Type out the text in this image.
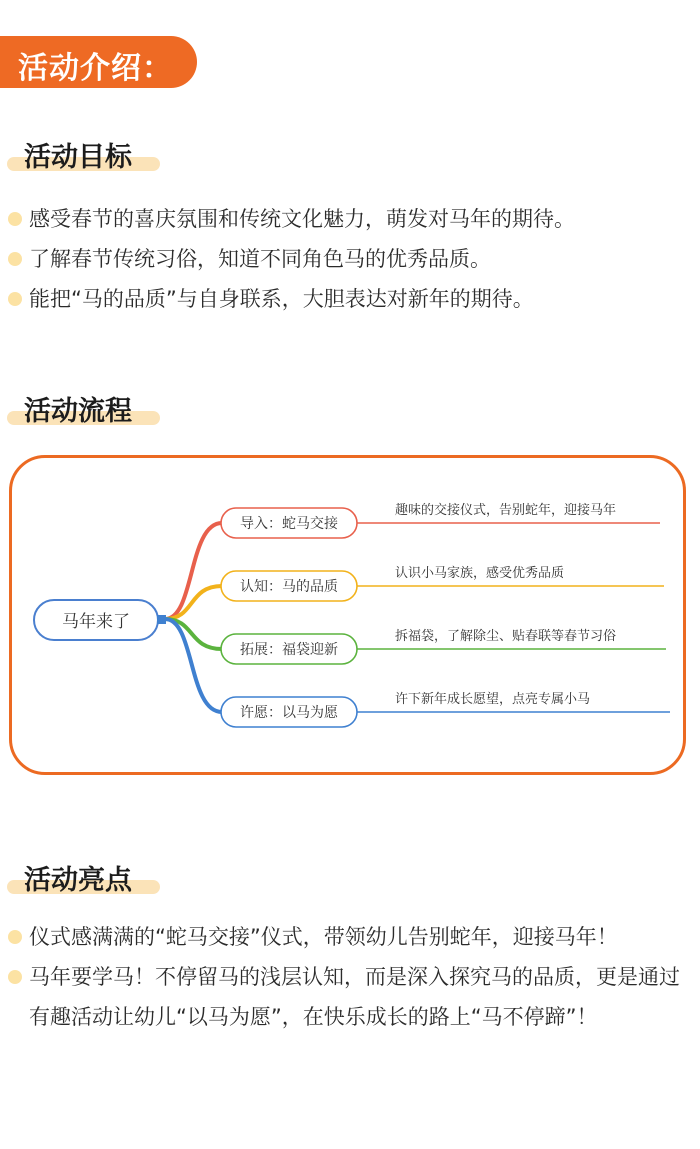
活动介绍：
活动目标
感受春节的喜庆氛围和传统文化魅力，萌发对马年的期待。
了解春节传统习俗，知道不同角色马的优秀品质。
能把“马的品质”与自身联系，大胆表达对新年的期待。
活动流程
马年来了
导入：蛇马交接
趣味的交接仪式，告别蛇年，迎接马年
认知：马的品质
认识小马家族，感受优秀品质
拓展：福袋迎新
拆福袋，了解除尘、贴春联等春节习俗
许愿：以马为愿
许下新年成长愿望，点亮专属小马
活动亮点
仪式感满满的“蛇马交接”仪式，带领幼儿告别蛇年，迎接马年！
马年要学马！不停留马的浅层认知，而是深入探究马的品质，更是通过有趣活动让幼儿“以马为愿”，在快乐成长的路上“马不停蹄”！
